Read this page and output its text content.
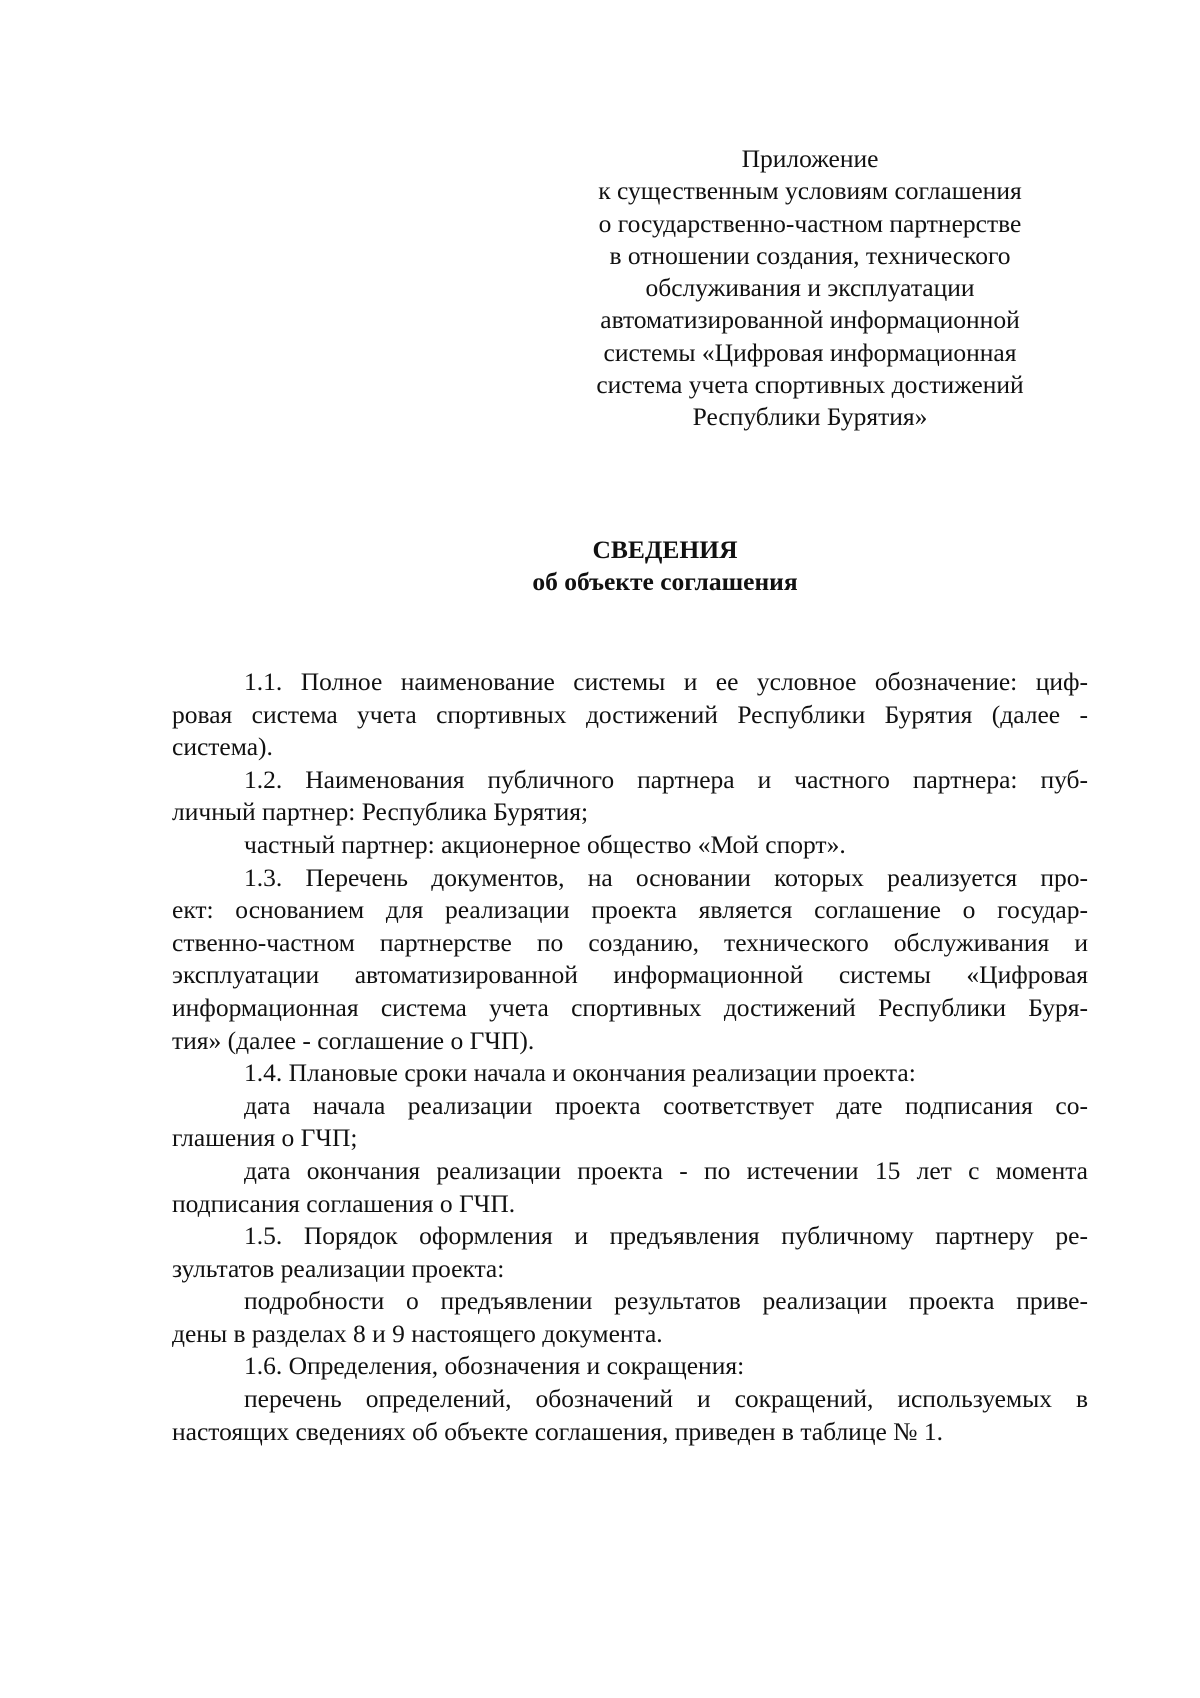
Приложение
к существенным условиям соглашения
о государственно-частном партнерстве
в отношении создания, технического
обслуживания и эксплуатации
автоматизированной информационной
системы «Цифровая информационная
система учета спортивных достижений
Республики Бурятия»
СВЕДЕНИЯ
об объекте соглашения
1.1. Полное наименование системы и ее условное обозначение: циф-
ровая система учета спортивных достижений Республики Бурятия (далее -
система).
1.2. Наименования публичного партнера и частного партнера: пуб-
личный партнер: Республика Бурятия;
частный партнер: акционерное общество «Мой спорт».
1.3. Перечень документов, на основании которых реализуется про-
ект: основанием для реализации проекта является соглашение о государ-
ственно-частном партнерстве по созданию, технического обслуживания и
эксплуатации автоматизированной информационной системы «Цифровая
информационная система учета спортивных достижений Республики Буря-
тия» (далее - соглашение о ГЧП).
1.4. Плановые сроки начала и окончания реализации проекта:
дата начала реализации проекта соответствует дате подписания со-
глашения о ГЧП;
дата окончания реализации проекта - по истечении 15 лет с момента
подписания соглашения о ГЧП.
1.5. Порядок оформления и предъявления публичному партнеру ре-
зультатов реализации проекта:
подробности о предъявлении результатов реализации проекта приве-
дены в разделах 8 и 9 настоящего документа.
1.6. Определения, обозначения и сокращения:
перечень определений, обозначений и сокращений, используемых в
настоящих сведениях об объекте соглашения, приведен в таблице № 1.
